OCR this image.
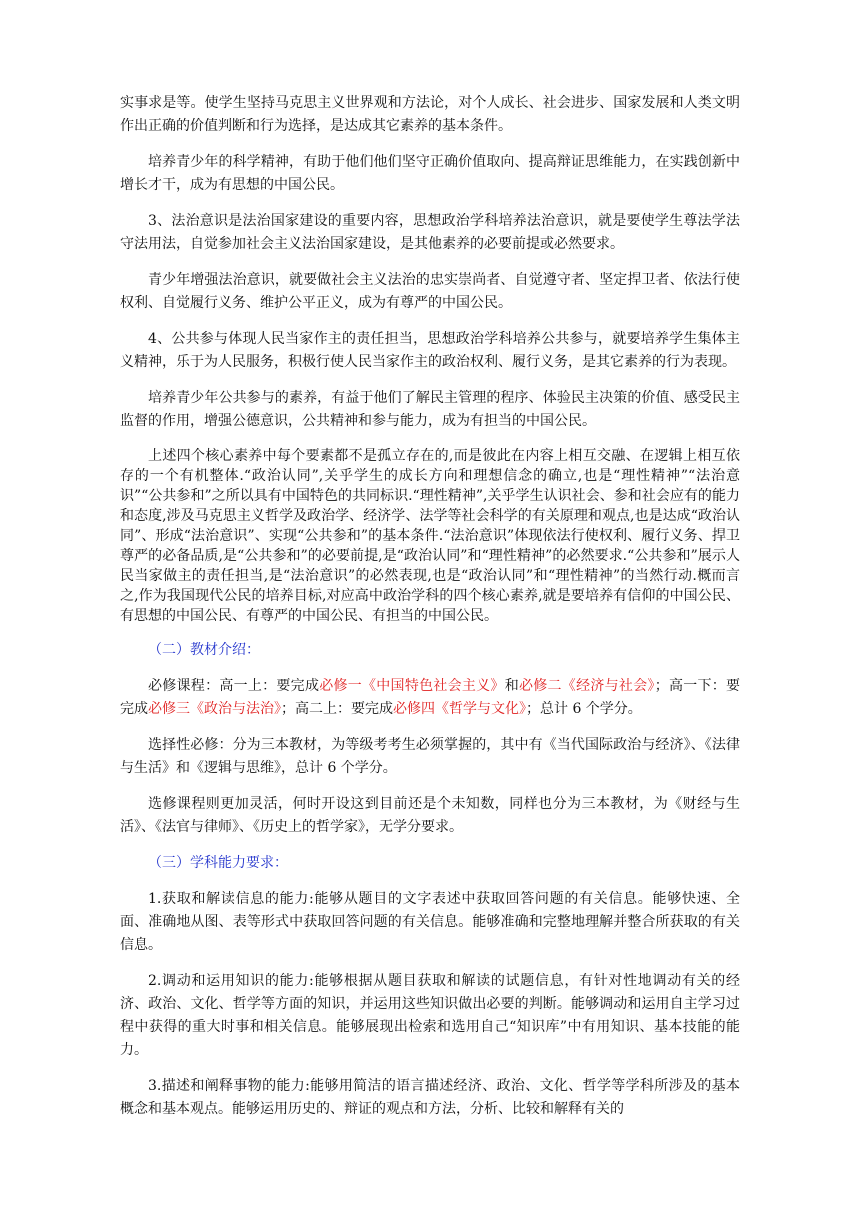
实事求是等。使学生坚持马克思主义世界观和方法论，对个人成长、社会进步、国家发展和人类文明作出正确的价值判断和行为选择，是达成其它素养的基本条件。

培养青少年的科学精神，有助于他们他们坚守正确价值取向、提高辩证思维能力，在实践创新中增长才干，成为有思想的中国公民。

3、法治意识是法治国家建设的重要内容，思想政治学科培养法治意识，就是要使学生尊法学法守法用法，自觉参加社会主义法治国家建设，是其他素养的必要前提或必然要求。

青少年增强法治意识，就要做社会主义法治的忠实崇尚者、自觉遵守者、坚定捍卫者、依法行使权利、自觉履行义务、维护公平正义，成为有尊严的中国公民。

4、公共参与体现人民当家作主的责任担当，思想政治学科培养公共参与，就要培养学生集体主义精神，乐于为人民服务，积极行使人民当家作主的政治权利、履行义务，是其它素养的行为表现。

培养青少年公共参与的素养，有益于他们了解民主管理的程序、体验民主决策的价值、感受民主监督的作用，增强公德意识，公共精神和参与能力，成为有担当的中国公民。

上述四个核心素养中每个要素都不是孤立存在的,而是彼此在内容上相互交融、在逻辑上相互依存的一个有机整体.“政治认同”,关乎学生的成长方向和理想信念的确立,也是“理性精神”“法治意识”“公共参和”之所以具有中国特色的共同标识.“理性精神”,关乎学生认识社会、参和社会应有的能力和态度,涉及马克思主义哲学及政治学、经济学、法学等社会科学的有关原理和观点,也是达成“政治认同”、形成“法治意识”、实现“公共参和”的基本条件.“法治意识”体现依法行使权利、履行义务、捍卫尊严的必备品质,是“公共参和”的必要前提,是“政治认同”和“理性精神”的必然要求.“公共参和”展示人民当家做主的责任担当,是“法治意识”的必然表现,也是“政治认同”和“理性精神”的当然行动.概而言之,作为我国现代公民的培养目标,对应高中政治学科的四个核心素养,就是要培养有信仰的中国公民、有思想的中国公民、有尊严的中国公民、有担当的中国公民。

（二）教材介绍：

必修课程：高一上：要完成必修一《中国特色社会主义》和必修二《经济与社会》；高一下：要完成必修三《政治与法治》；高二上：要完成必修四《哲学与文化》；总计 6 个学分。

选择性必修：分为三本教材，为等级考考生必须掌握的，其中有《当代国际政治与经济》、《法律与生活》和《逻辑与思维》，总计 6 个学分。

选修课程则更加灵活，何时开设这到目前还是个未知数，同样也分为三本教材，为《财经与生活》、《法官与律师》、《历史上的哲学家》，无学分要求。

（三）学科能力要求：

1.获取和解读信息的能力:能够从题目的文字表述中获取回答问题的有关信息。能够快速、全面、准确地从图、表等形式中获取回答问题的有关信息。能够准确和完整地理解并整合所获取的有关信息。

2.调动和运用知识的能力:能够根据从题目获取和解读的试题信息，有针对性地调动有关的经济、政治、文化、哲学等方面的知识，并运用这些知识做出必要的判断。能够调动和运用自主学习过程中获得的重大时事和相关信息。能够展现出检索和选用自己“知识库”中有用知识、基本技能的能力。

3.描述和阐释事物的能力:能够用简洁的语言描述经济、政治、文化、哲学等学科所涉及的基本概念和基本观点。能够运用历史的、辩证的观点和方法，分析、比较和解释有关的
